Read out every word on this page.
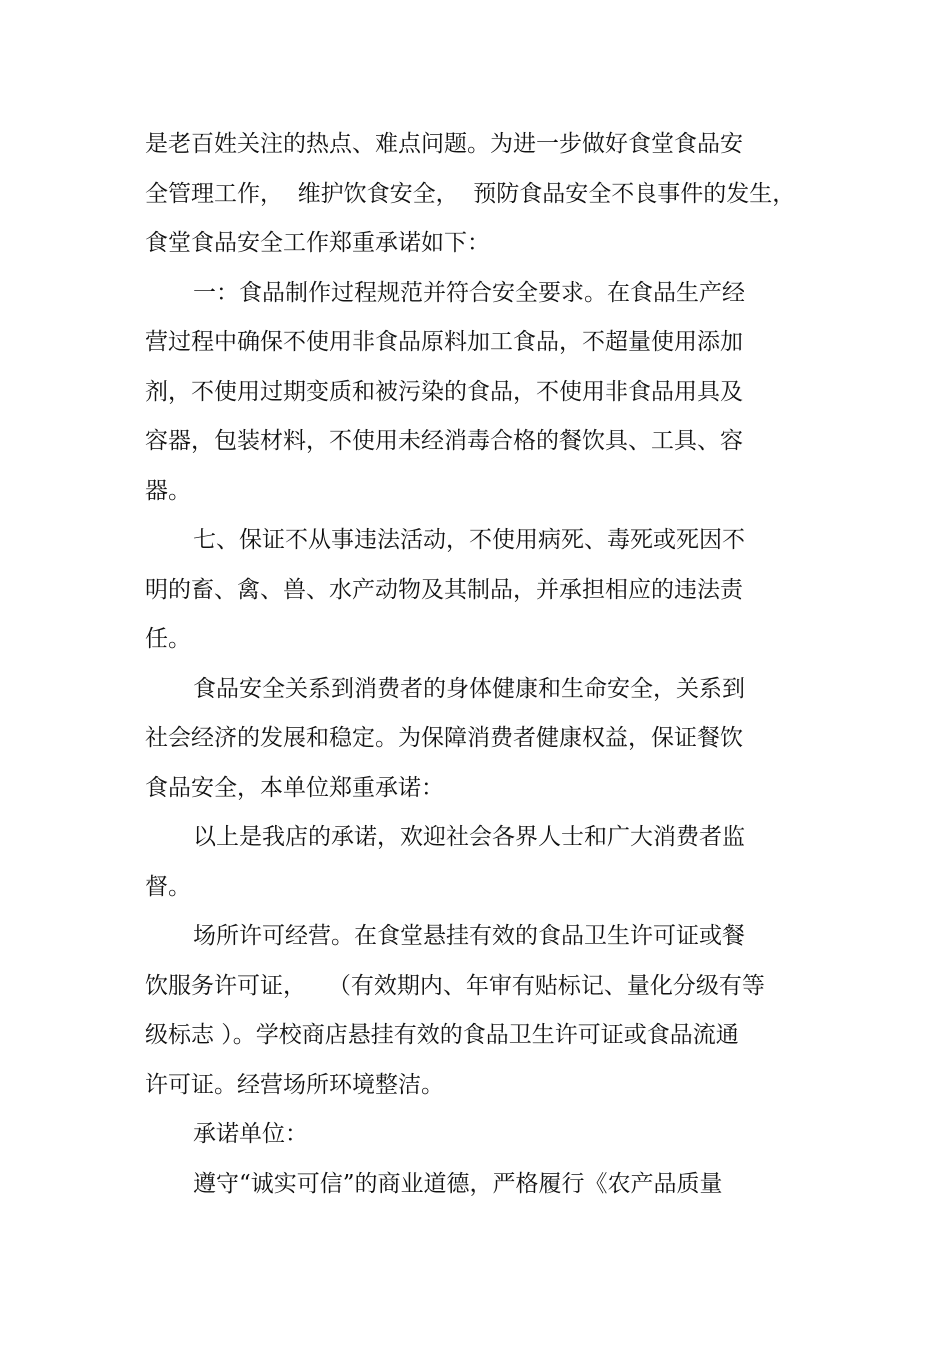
是老百姓关注的热点、难点问题。为进一步做好食堂食品安
全管理工作，  维护饮食安全，  预防食品安全不良事件的发生，
食堂食品安全工作郑重承诺如下：
一：食品制作过程规范并符合安全要求。在食品生产经
营过程中确保不使用非食品原料加工食品，不超量使用添加
剂，不使用过期变质和被污染的食品，不使用非食品用具及
容器，包装材料，不使用未经消毒合格的餐饮具、工具、容
器。
七、保证不从事违法活动，不使用病死、毒死或死因不
明的畜、禽、兽、水产动物及其制品，并承担相应的违法责
任。
食品安全关系到消费者的身体健康和生命安全，关系到
社会经济的发展和稳定。为保障消费者健康权益，保证餐饮
食品安全，本单位郑重承诺：
以上是我店的承诺，欢迎社会各界人士和广大消费者监
督。
场所许可经营。在食堂悬挂有效的食品卫生许可证或餐
饮服务许可证，   （有效期内、年审有贴标记、量化分级有等
级标志 ）。学校商店悬挂有效的食品卫生许可证或食品流通
许可证。经营场所环境整洁。
承诺单位：
遵守“诚实可信”的商业道德，严格履行《农产品质量
